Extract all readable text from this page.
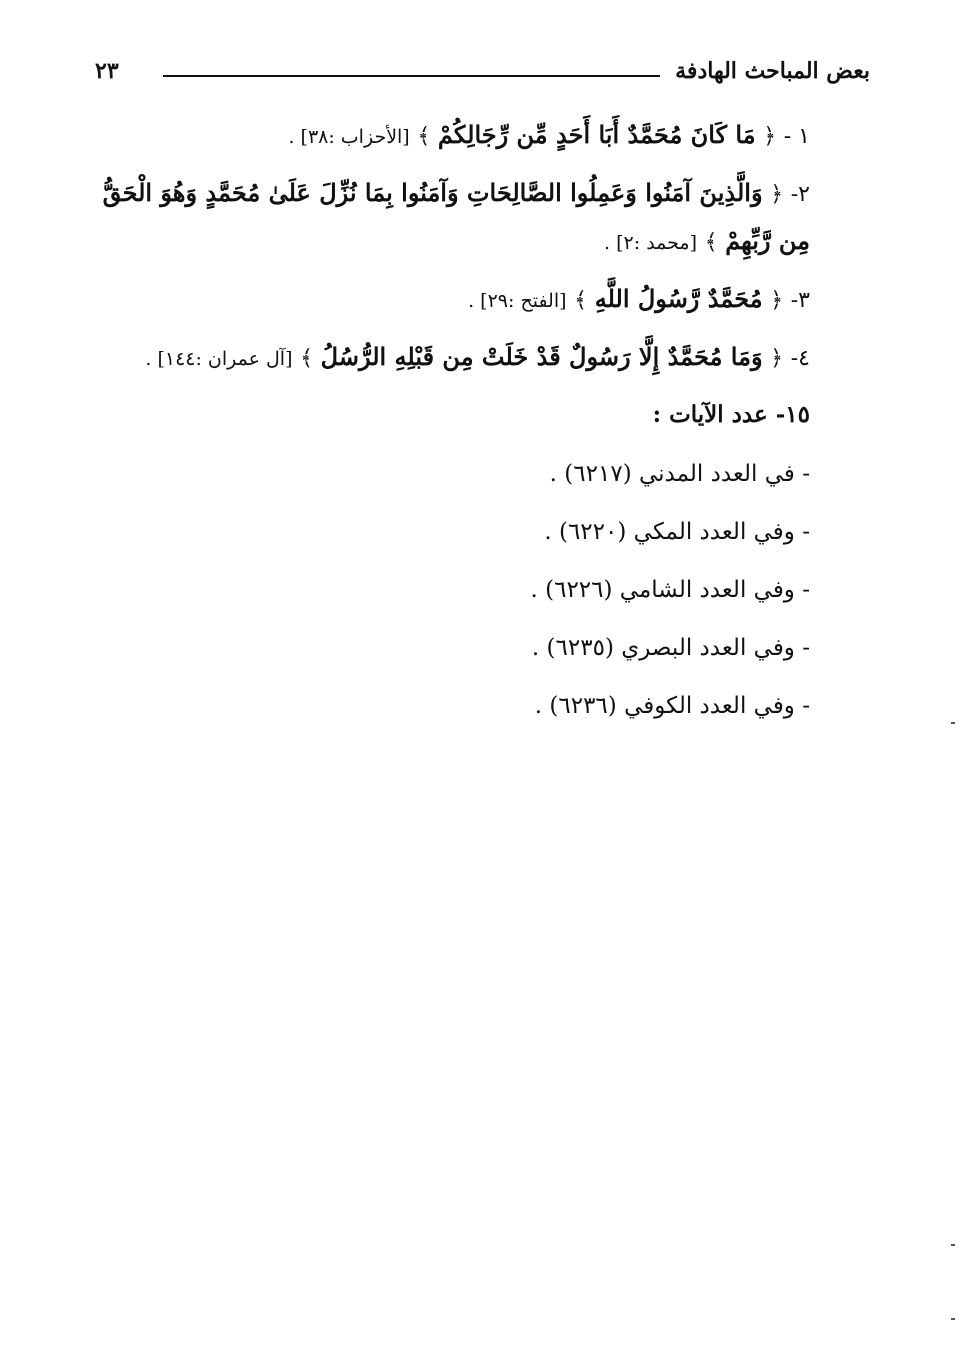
بعض المباحث الهادفة
٢٣

١ - ﴿ مَا كَانَ مُحَمَّدٌ أَبَا أَحَدٍ مِّن رِّجَالِكُمْ ﴾ [الأحزاب :٣٨] .

٢- ﴿ وَالَّذِينَ آمَنُوا وَعَمِلُوا الصَّالِحَاتِ وَآمَنُوا بِمَا نُزِّلَ عَلَىٰ مُحَمَّدٍ وَهُوَ الْحَقُّ مِن رَّبِّهِمْ ﴾ [محمد :٢] .

٣- ﴿ مُحَمَّدٌ رَّسُولُ اللَّهِ ﴾ [الفتح :٢٩] .

٤- ﴿ وَمَا مُحَمَّدٌ إِلَّا رَسُولٌ قَدْ خَلَتْ مِن قَبْلِهِ الرُّسُلُ ﴾ [آل عمران :١٤٤] .

١٥- عدد الآيات :

- في العدد المدني (٦٢١٧) .
- وفي العدد المكي (٦٢٢٠) .
- وفي العدد الشامي (٦٢٢٦) .
- وفي العدد البصري (٦٢٣٥) .
- وفي العدد الكوفي (٦٢٣٦) .
